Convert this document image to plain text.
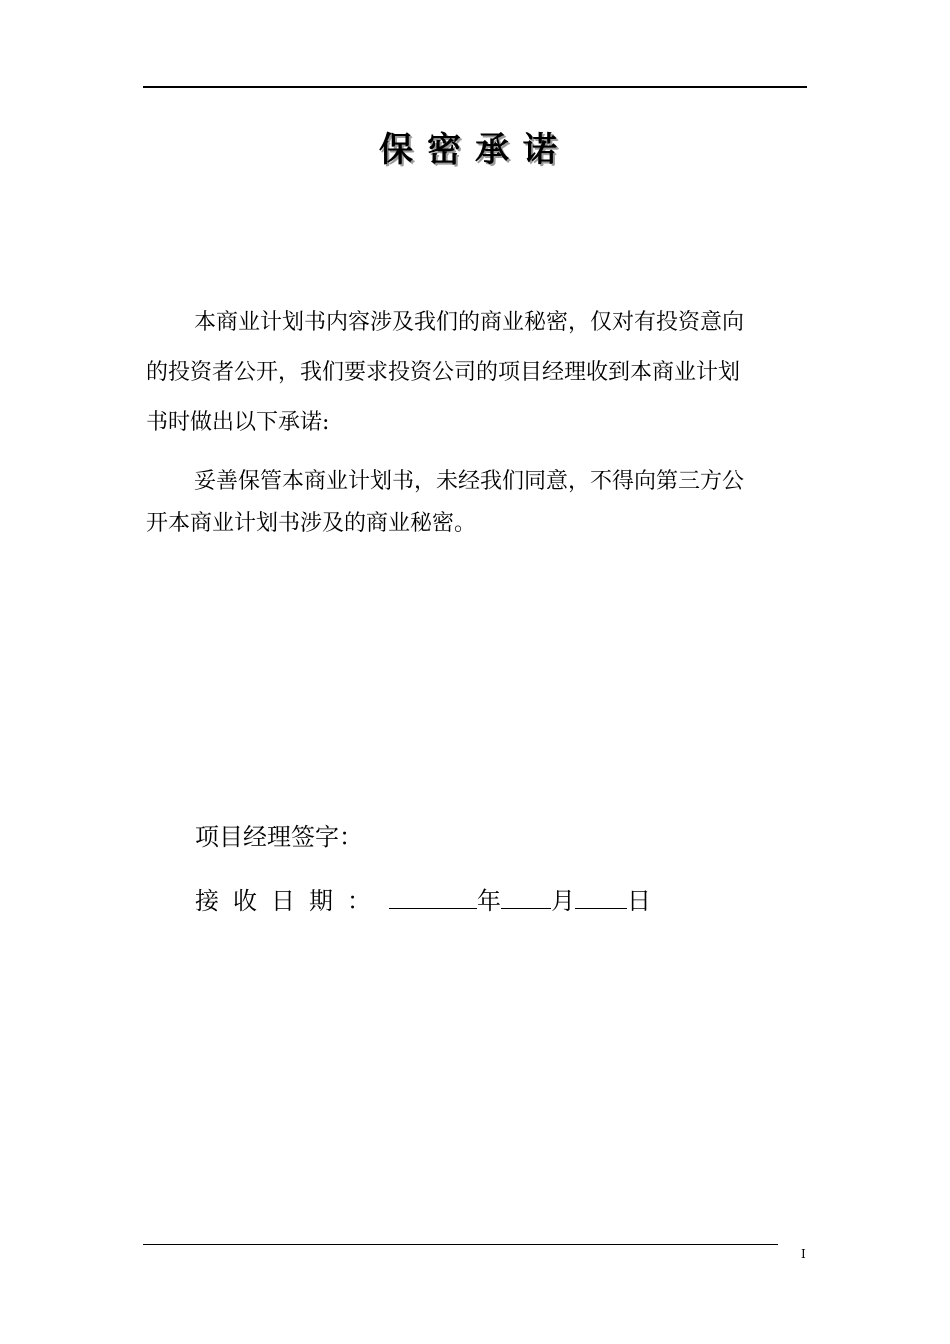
保密承诺
本商业计划书内容涉及我们的商业秘密，仅对有投资意向
的投资者公开，我们要求投资公司的项目经理收到本商业计划
书时做出以下承诺:
妥善保管本商业计划书，未经我们同意，不得向第三方公
开本商业计划书涉及的商业秘密。
项目经理签字：
接收日期：	年 月 日
I
